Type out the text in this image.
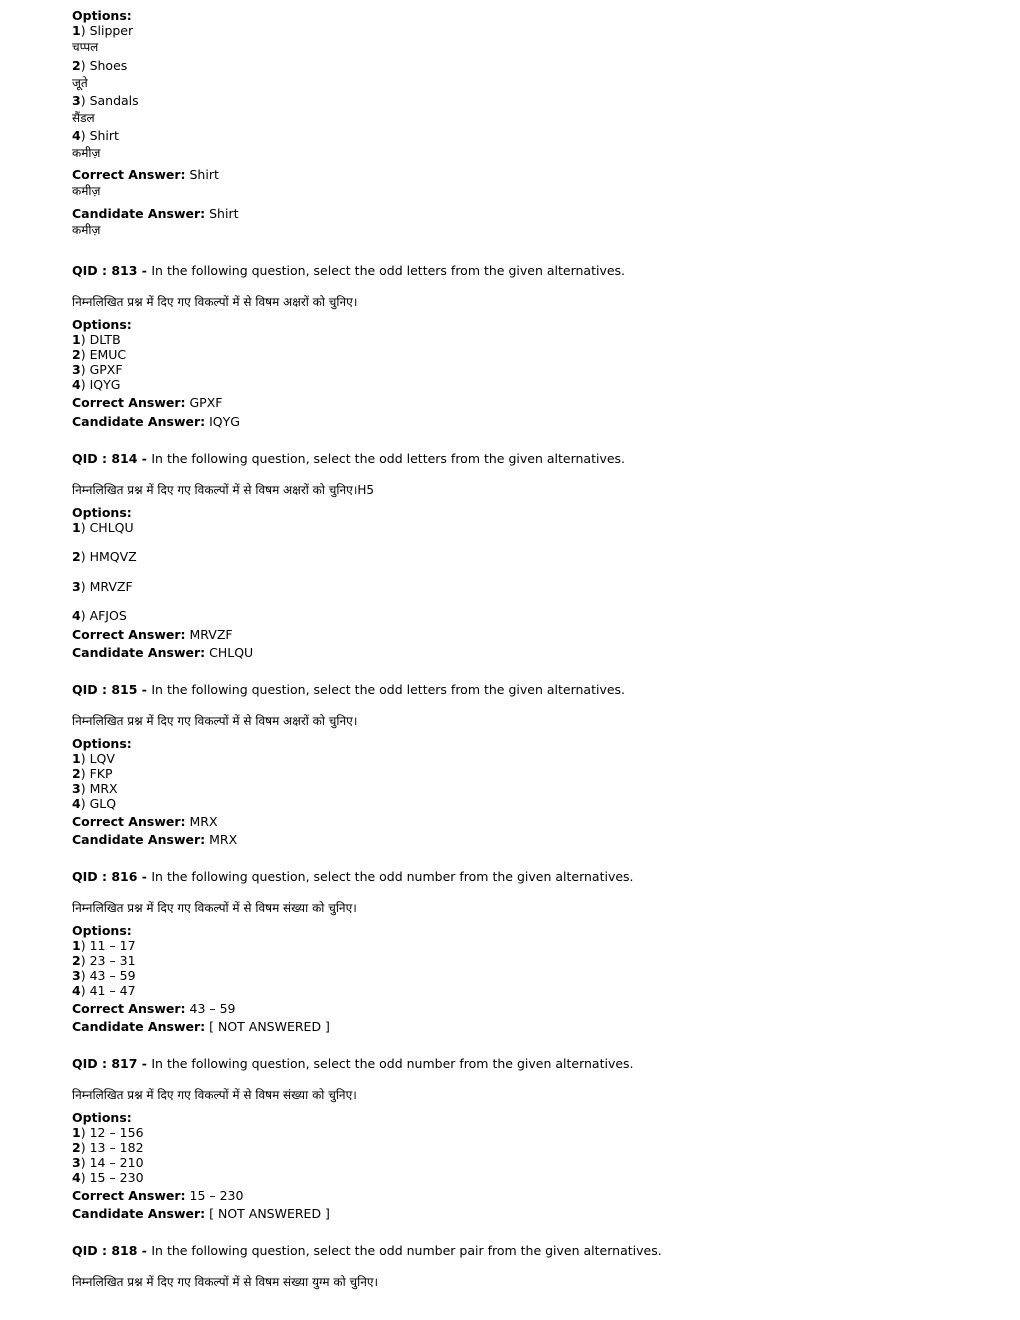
Options:
1) Slipper
चप्पल
2) Shoes
जूते
3) Sandals
सैंडल
4) Shirt
कमीज़
Correct Answer: Shirt
कमीज़
Candidate Answer: Shirt
कमीज़
QID : 813 - In the following question, select the odd letters from the given alternatives.
निम्नलिखित प्रश्न में दिए गए विकल्पों में से विषम अक्षरों को चुनिए।
Options:
1) DLTB
2) EMUC
3) GPXF
4) IQYG
Correct Answer: GPXF
Candidate Answer: IQYG
QID : 814 - In the following question, select the odd letters from the given alternatives.
निम्नलिखित प्रश्न में दिए गए विकल्पों में से विषम अक्षरों को चुनिए।H5
Options:
1) CHLQU
2) HMQVZ
3) MRVZF
4) AFJOS
Correct Answer: MRVZF
Candidate Answer: CHLQU
QID : 815 - In the following question, select the odd letters from the given alternatives.
निम्नलिखित प्रश्न में दिए गए विकल्पों में से विषम अक्षरों को चुनिए।
Options:
1) LQV
2) FKP
3) MRX
4) GLQ
Correct Answer: MRX
Candidate Answer: MRX
QID : 816 - In the following question, select the odd number from the given alternatives.
निम्नलिखित प्रश्न में दिए गए विकल्पों में से विषम संख्या को चुनिए।
Options:
1) 11 – 17
2) 23 – 31
3) 43 – 59
4) 41 – 47
Correct Answer: 43 – 59
Candidate Answer: [ NOT ANSWERED ]
QID : 817 - In the following question, select the odd number from the given alternatives.
निम्नलिखित प्रश्न में दिए गए विकल्पों में से विषम संख्या को चुनिए।
Options:
1) 12 – 156
2) 13 – 182
3) 14 – 210
4) 15 – 230
Correct Answer: 15 – 230
Candidate Answer: [ NOT ANSWERED ]
QID : 818 - In the following question, select the odd number pair from the given alternatives.
निम्नलिखित प्रश्न में दिए गए विकल्पों में से विषम संख्या युग्म को चुनिए।
